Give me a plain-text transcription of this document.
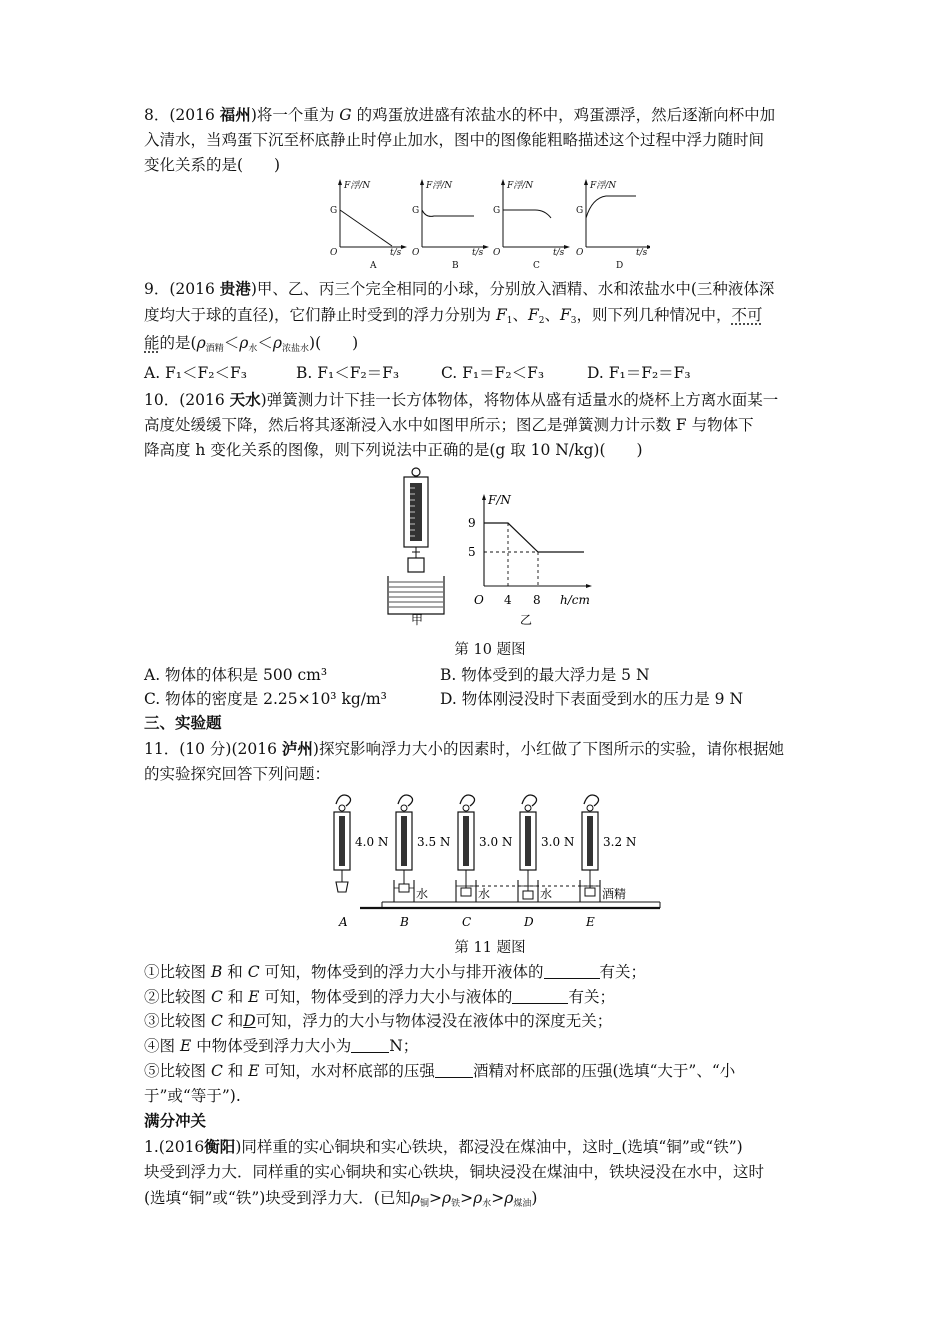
8．(2016 福州)将一个重为 G 的鸡蛋放进盛有浓盐水的杯中，鸡蛋漂浮，然后逐渐向杯中加
入清水，当鸡蛋下沉至杯底静止时停止加水，图中的图像能粗略描述这个过程中浮力随时间
变化关系的是(　　)
F浮/N
G
O	t/s
A
F浮/N
G
O	t/s
B
F浮/N
G
O	t/s
C
F浮/N
G
O	t/s
D
9．(2016 贵港)甲、乙、丙三个完全相同的小球，分别放入酒精、水和浓盐水中(三种液体深
度均大于球的直径)，它们静止时受到的浮力分别为 $F_1$、$F_2$、$F_3$，则下列几种情况中，不可
能的是$(\rho_{酒精}<\rho_水<\rho_{浓盐水})$(　　)
A. F₁＜F₂＜F₃	B. F₁＜F₂＝F₃	C. F₁＝F₂＜F₃	D. F₁＝F₂＝F₃
10．(2016 天水)弹簧测力计下挂一长方体物体，将物体从盛有适量水的烧杯上方离水面某一
高度处缓缓下降，然后将其逐渐浸入水中如图甲所示；图乙是弹簧测力计示数 F 与物体下
降高度 h 变化关系的图像，则下列说法中正确的是(g 取 10 N/kg)(　　)
甲
F/N
9
5
O 4 8 h/cm
乙
第 10 题图
A. 物体的体积是 500 cm³	B. 物体受到的最大浮力是 5 N
C. 物体的密度是 2.25×10³ kg/m³	D. 物体刚浸没时下表面受到水的压力是 9 N
三、实验题
11．(10 分)(2016 泸州)探究影响浮力大小的因素时，小红做了下图所示的实验，请你根据她
的实验探究回答下列问题：
4.0 N 3.5 N 3.0 N 3.0 N 3.2 N
水	水	水	酒精
A	B	C	D	E
第 11 题图
①比较图 B 和 C 可知，物体受到的浮力大小与排开液体的	有关；
②比较图 C 和 E 可知，物体受到的浮力大小与液体的	有关；
③比较图 C 和D可知，浮力的大小与物体浸没在液体中的深度无关；
④图 E 中物体受到浮力大小为 N；
⑤比较图 C 和 E 可知，水对杯底部的压强 酒精对杯底部的压强(选填“大于”、“小
于”或“等于”).
满分冲关
1.(2016衡阳)同样重的实心铜块和实心铁块，都浸没在煤油中，这时 (选填“铜”或“铁”)
块受到浮力大．同样重的实心铜块和实心铁块，铜块浸没在煤油中，铁块浸没在水中，这时
(选填“铜”或“铁”)块受到浮力大．(已知$\rho_铜>\rho_铁>\rho_水>\rho_{煤油}$)
